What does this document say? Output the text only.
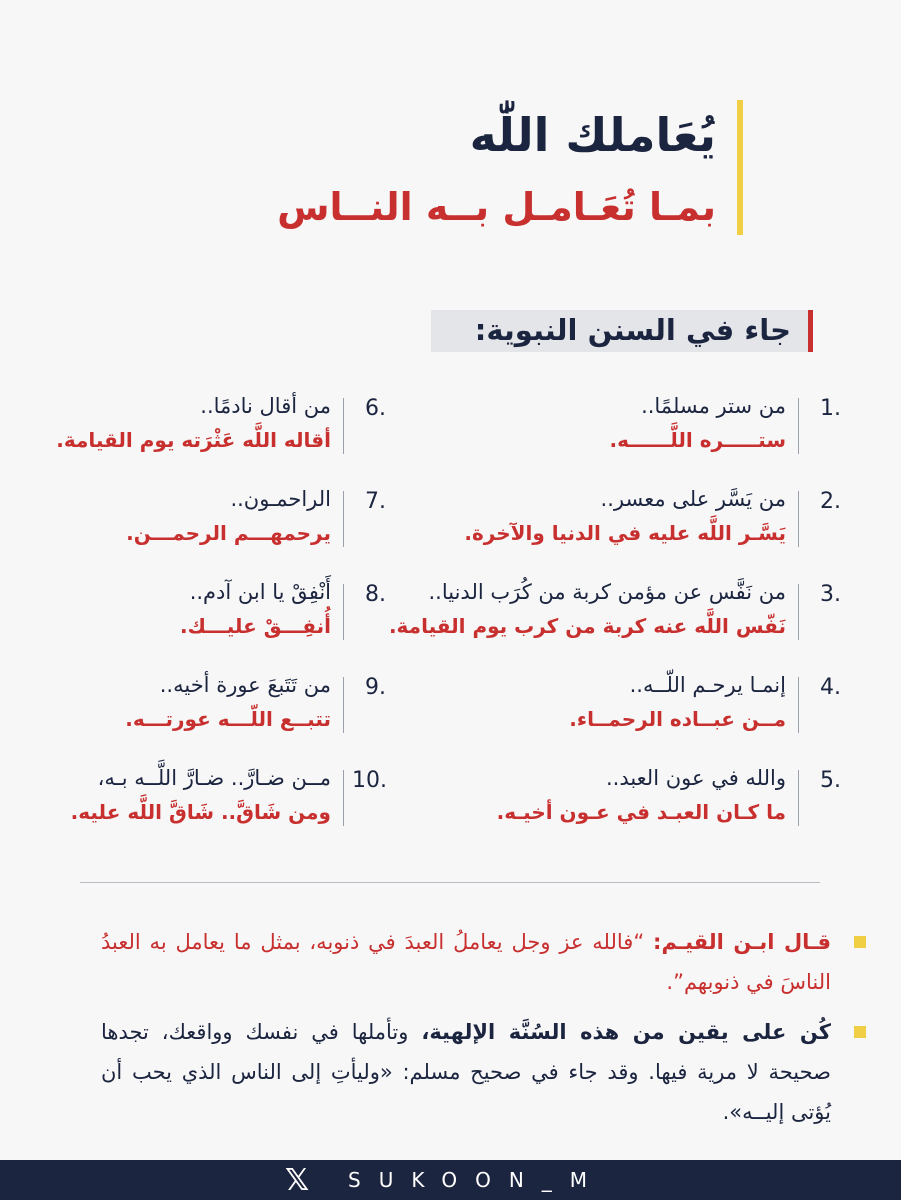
يُعَاملك اللّٰه
بمـا تُعَـامـل بــه النــاس
جاء في السنن النبوية:
1.
من ستر مسلمًا..
ستـــــره اللَّــــــه.
2.
من يَسَّر على معسر..
يَسَّـر اللَّه عليه في الدنيا والآخرة.
3.
من نَفَّس عن مؤمن كربة من كُرَب الدنيا..
نَفّس اللَّه عنه كربة من كرب يوم القيامة.
4.
إنمـا يرحـم اللّــه..
مــن عبــاده الرحمــاء.
5.
والله في عون العبد..
ما كـان العبـد في عـون أخيـه.
6.
من أقال نادمًا..
أقاله اللَّه عَثْرَته يوم القيامة.
7.
الراحمـون..
يرحمهـــم الرحمـــن.
8.
أَنْفِقْ يا ابن آدم..
أُنفِـــقْ عليـــك.
9.
من تَتَبعَ عورة أخيه..
تتبــع اللّـــه عورتـــه.
10.
مــن ضـارَّ.. ضـارَّ اللَّــه بـه،
ومن شَاقَّ.. شَاقَّ اللَّه عليه.
قـال ابـن القيـم: “فالله عز وجل يعاملُ العبدَ في ذنوبه، بمثل ما يعامل به العبدُ الناسَ في ذنوبهم”.
كُن على يقين من هذه السُنَّة الإلهية، وتأملها في نفسك وواقعك، تجدها صحيحة لا مرية فيها. وقد جاء في صحيح مسلم: «وليأتِ إلى الناس الذي يحب أن يُؤتى إليــه».
𝕏 SUKOON_M
